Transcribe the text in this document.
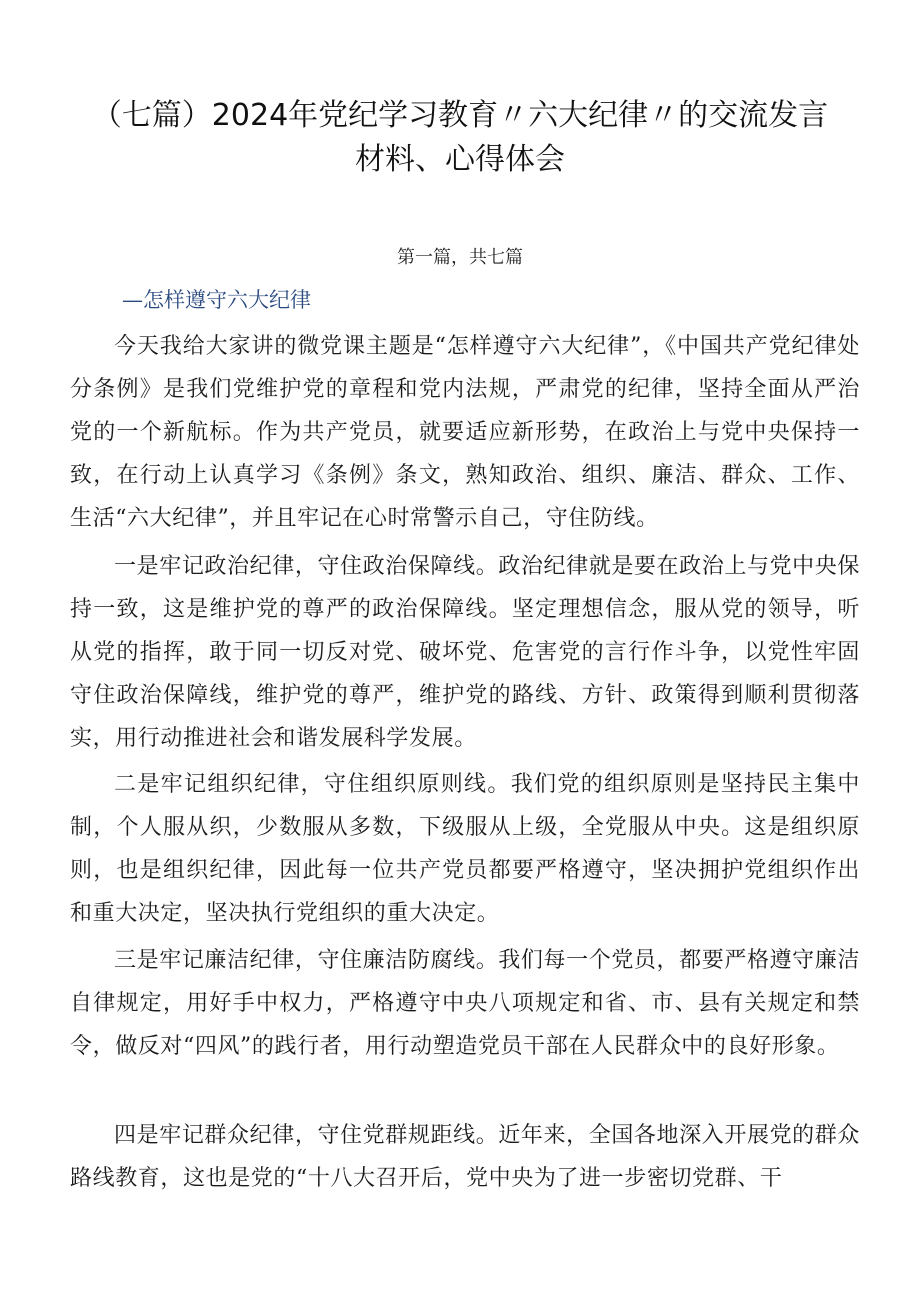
（七篇）2024年党纪学习教育〃六大纪律〃的交流发言
材料、心得体会
第一篇，共七篇
—怎样遵守六大纪律

今天我给大家讲的微党课主题是“怎样遵守六大纪律”，《中国共产党纪律处分条例》是我们党维护党的章程和党内法规，严肃党的纪律，坚持全面从严治党的一个新航标。作为共产党员，就要适应新形势，在政治上与党中央保持一致，在行动上认真学习《条例》条文，熟知政治、组织、廉洁、群众、工作、生活“六大纪律”，并且牢记在心时常警示自己，守住防线。

一是牢记政治纪律，守住政治保障线。政治纪律就是要在政治上与党中央保持一致，这是维护党的尊严的政治保障线。坚定理想信念，服从党的领导，听从党的指挥，敢于同一切反对党、破坏党、危害党的言行作斗争，以党性牢固守住政治保障线，维护党的尊严，维护党的路线、方针、政策得到顺利贯彻落实，用行动推进社会和谐发展科学发展。

二是牢记组织纪律，守住组织原则线。我们党的组织原则是坚持民主集中制，个人服从织，少数服从多数，下级服从上级，全党服从中央。这是组织原则，也是组织纪律，因此每一位共产党员都要严格遵守，坚决拥护党组织作出和重大决定，坚决执行党组织的重大决定。

三是牢记廉洁纪律，守住廉洁防腐线。我们每一个党员，都要严格遵守廉洁自律规定，用好手中权力，严格遵守中央八项规定和省、市、县有关规定和禁令，做反对“四风”的践行者，用行动塑造党员干部在人民群众中的良好形象。

四是牢记群众纪律，守住党群规距线。近年来，全国各地深入开展党的群众路线教育，这也是党的“十八大召开后，党中央为了进一步密切党群、干
